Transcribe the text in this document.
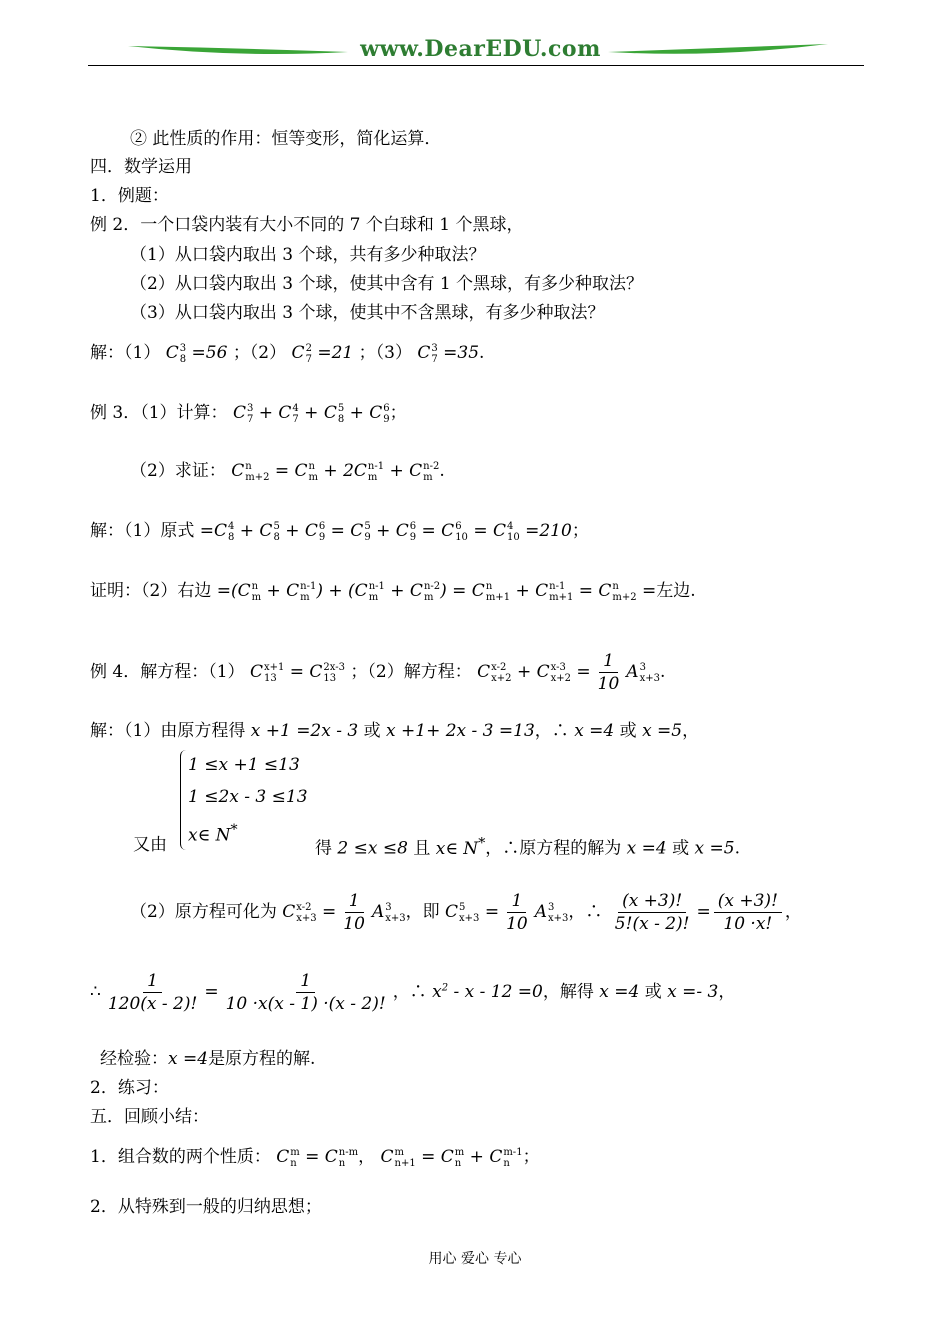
www.DearEDU.com
② 此性质的作用：恒等变形，简化运算．
四．数学运用
1．例题：
例 2．一个口袋内装有大小不同的 7 个白球和 1 个黑球，
（1）从口袋内取出 3 个球，共有多少种取法？
（2）从口袋内取出 3 个球，使其中含有 1 个黑球，有多少种取法？
（3）从口袋内取出 3 个球，使其中不含黑球，有多少种取法？
解：（1） C 3
8 =56 ；（2） C 2
7 =21 ；（3） C 3
7 =35.
例 3．（1）计算： C 3
7 + C 4
7 + C 5
8 + C 6
9 ；
（2）求证： C n
m+2 = C n
m + 2C n-1
m + C n-2
m .
解：（1）原式 =C 4
8 + C 5
8 + C 6
9 = C 5
9 + C 6
9 = C 6
10 = C 4
10 =210；
证明：（2）右边 =(C n
m + C n-1
m ) + (C n-1
m + C n-2
m ) = C n
m+1 + C n-1
m+1 = C n
m+2 =左边.
例 4．解方程：（1） C x+1
13 = C 2x-3
13 ；（2）解方程： C x-2
x+2 + C x-3
$x+2 = \frac{1}{10}$ A 3
x+3 .
解：（1）由原方程得 x +1 =2x - 3 或 x +1+ 2x - 3 =13，∴ x =4 或 x =5，
1 ≤x +1 ≤13
1 ≤2x - 3 ≤13
x∈ N*
又由	得 2 ≤x ≤8 且 x∈ N*，∴原方程的解为 x =4 或 x =5.
（2）原方程可化为 C x-2
$x+3 = \frac{1}{10}$ A 3
x+3 ，即 C 5
$x+3 = \frac{1}{10}$ A 3
x+3 ，∴ $\frac{(x +3)!}{5!(x - 2)!} = \frac{(x +3)!}{10 \cdot x!}$ ，
∴ $\frac{1}{120(x - 2)!} = \frac{1}{10 \cdot x(x - 1) \cdot(x - 2)!}$ ，∴ $x^2 - x - 12 =0$，解得 x =4 或 x =- 3，
经检验：x =4是原方程的解.
2．练习：
五．回顾小结：
1．组合数的两个性质： C m
n = C n-m
n ， C m
n+1 = C m
n + C m-1
n ；
2．从特殊到一般的归纳思想；
用心 爱心 专心
